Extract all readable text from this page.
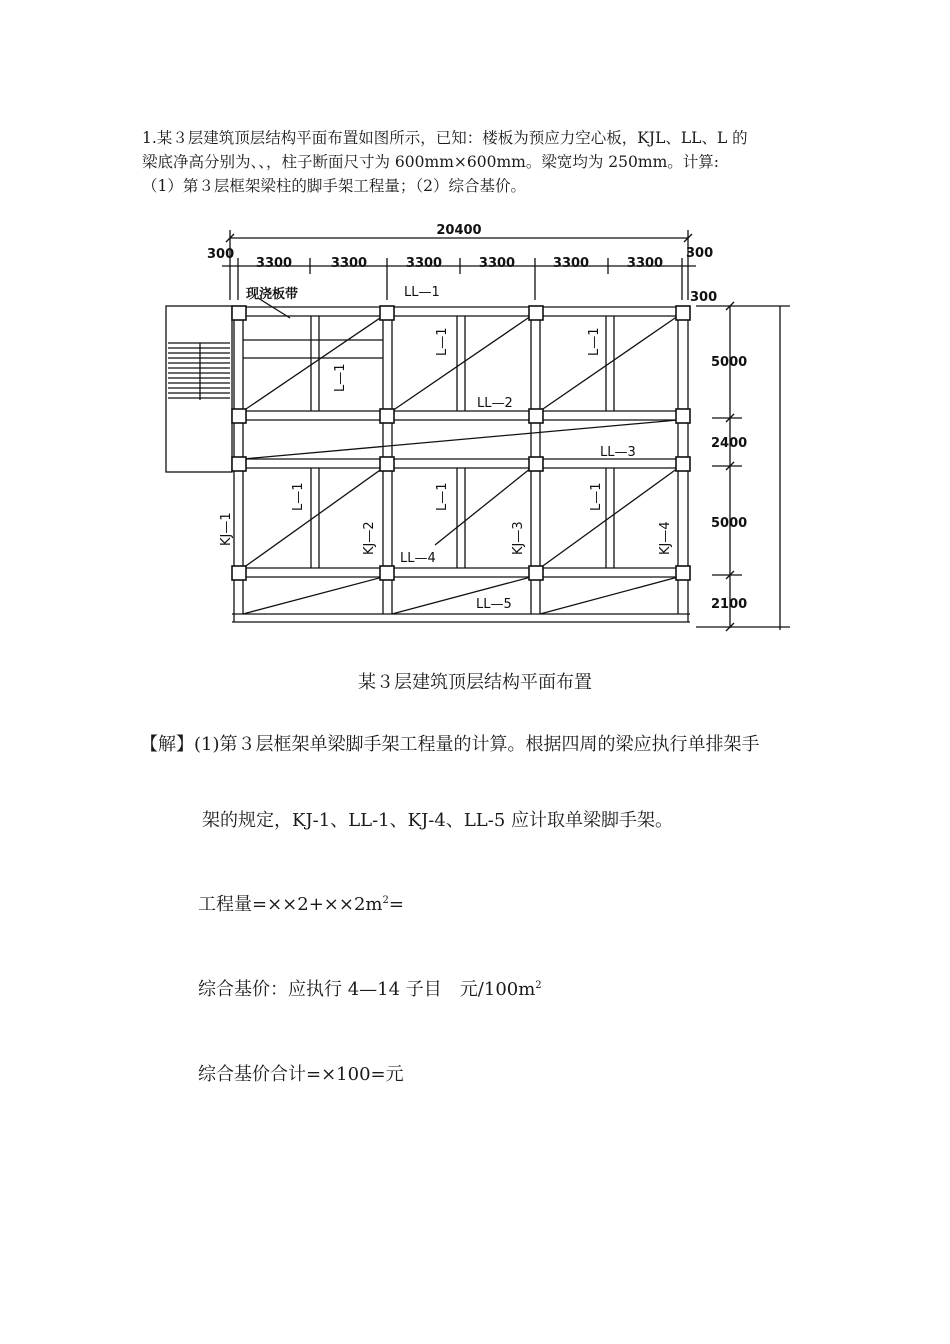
1.某３层建筑顶层结构平面布置如图所示，已知：楼板为预应力空心板，KJL、LL、L 的
梁底净高分别为、、，柱子断面尺寸为 600mm×600mm。梁宽均为 250mm。计算:
（1）第３层框架梁柱的脚手架工程量；（2）综合基价。
20400
300	300
300
3300	3300	3300	3300	3300	3300
5000
2400
5000
2100
现浇板带	LL—1
LL—2
LL—3
LL—4
LL—5
L—1
L—1	L—1
L—1	L—1	L—1
KJ—1	KJ—2	KJ—3	KJ—4
某３层建筑顶层结构平面布置
【解】(1)第３层框架单梁脚手架工程量的计算。根据四周的梁应执行单排架手
架的规定，KJ-1、LL-1、KJ-4、LL-5 应计取单梁脚手架。
工程量$=\times\times 2+\times\times 2m^2=$
综合基价：应执行 4—14 子目　元$/100m^2$
综合基价合计=×100=元
